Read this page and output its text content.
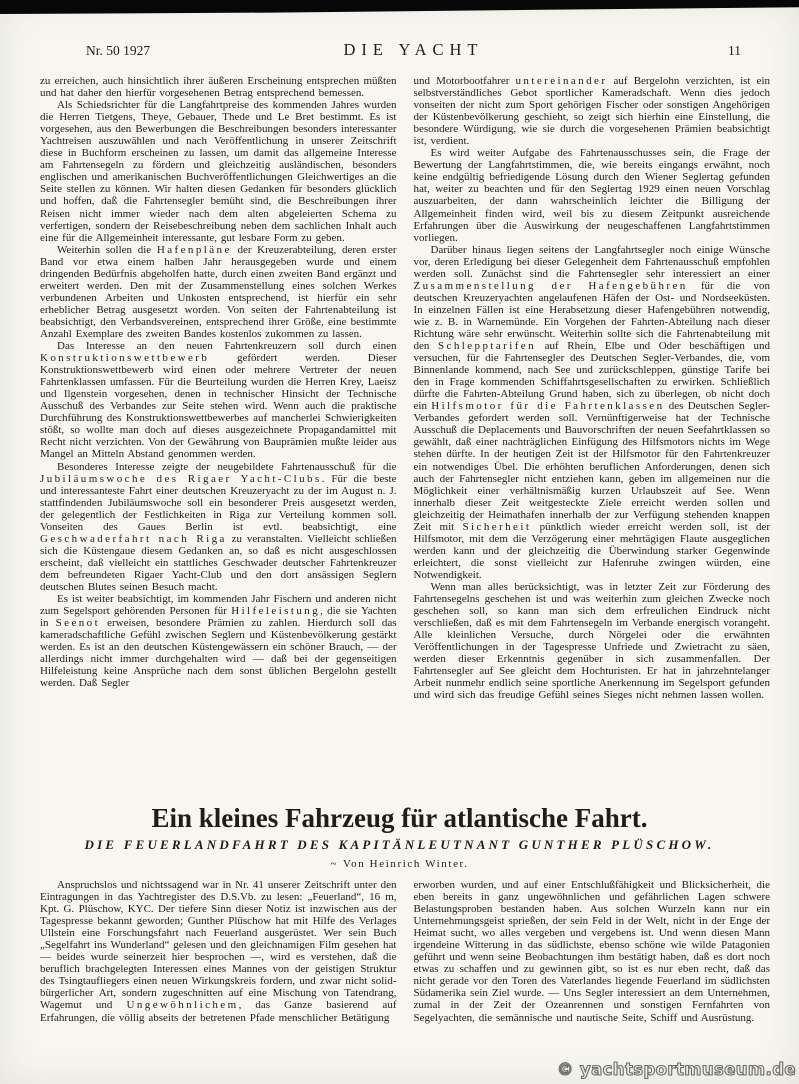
Nr. 50 1927	DIE YACHT	11

zu erreichen, auch hinsichtlich ihrer äußeren Erscheinung entsprechen müßten und hat daher den hierfür vorgesehenen Betrag entsprechend bemessen.

Als Schiedsrichter für die Langfahrtpreise des kommenden Jahres wurden die Herren Tietgens, Theye, Gebauer, Thede und Le Bret bestimmt. Es ist vorgesehen, aus den Bewerbungen die Beschreibungen besonders interessanter Yachtreisen auszuwählen und nach Veröffentlichung in unserer Zeitschrift diese in Buchform erscheinen zu lassen, um damit das allgemeine Interesse am Fahrtensegeln zu fördern und gleichzeitig ausländischen, besonders englischen und amerikanischen Buchveröffentlichungen Gleichwertiges an die Seite stellen zu können. Wir halten diesen Gedanken für besonders glücklich und hoffen, daß die Fahrtensegler bemüht sind, die Beschreibungen ihrer Reisen nicht immer wieder nach dem alten abgeleierten Schema zu verfertigen, sondern der Reisebeschreibung neben dem sachlichen Inhalt auch eine für die Allgemeinheit interessante, gut lesbare Form zu geben.

Weiterhin sollen die Hafenpläne der Kreuzerabteilung, deren erster Band vor etwa einem halben Jahr herausgegeben wurde und einem dringenden Bedürfnis abgeholfen hatte, durch einen zweiten Band ergänzt und erweitert werden. Den mit der Zusammenstellung eines solchen Werkes verbundenen Arbeiten und Unkosten entsprechend, ist hierfür ein sehr erheblicher Betrag ausgesetzt worden. Von seiten der Fahrtenabteilung ist beabsichtigt, den Verbandsvereinen, entsprechend ihrer Größe, eine bestimmte Anzahl Exemplare des zweiten Bandes kostenlos zukommen zu lassen.

Das Interesse an den neuen Fahrtenkreuzern soll durch einen Konstruktionswettbewerb gefördert werden. Dieser Konstruktionswettbewerb wird einen oder mehrere Vertreter der neuen Fahrtenklassen umfassen. Für die Beurteilung wurden die Herren Krey, Laeisz und Ilgenstein vorgesehen, denen in technischer Hinsicht der Technische Ausschuß des Verbandes zur Seite stehen wird. Wenn auch die praktische Durchführung des Konstruktionswettbewerbes auf mancherlei Schwierigkeiten stößt, so wollte man doch auf dieses ausgezeichnete Propagandamittel mit Recht nicht verzichten. Von der Gewährung von Bauprämien mußte leider aus Mangel an Mitteln Abstand genommen werden.

Besonderes Interesse zeigte der neugebildete Fahrtenausschuß für die Jubiläumswoche des Rigaer Yacht-Clubs. Für die beste und interessanteste Fahrt einer deutschen Kreuzeryacht zu der im August n. J. stattfindenden Jubiläumswoche soll ein besonderer Preis ausgesetzt werden, der gelegentlich der Festlichkeiten in Riga zur Verteilung kommen soll. Vonseiten des Gaues Berlin ist evtl. beabsichtigt, eine Geschwaderfahrt nach Riga zu veranstalten. Vielleicht schließen sich die Küstengaue diesem Gedanken an, so daß es nicht ausgeschlossen erscheint, daß vielleicht ein stattliches Geschwader deutscher Fahrtenkreuzer dem befreundeten Rigaer Yacht-Club und den dort ansässigen Seglern deutschen Blutes seinen Besuch macht.

Es ist weiter beabsichtigt, im kommenden Jahr Fischern und anderen nicht zum Segelsport gehörenden Personen für Hilfeleistung, die sie Yachten in Seenot erweisen, besondere Prämien zu zahlen. Hierdurch soll das kameradschaftliche Gefühl zwischen Seglern und Küstenbevölkerung gestärkt werden. Es ist an den deutschen Küstengewässern ein schöner Brauch, — der allerdings nicht immer durchgehalten wird — daß bei der gegenseitigen Hilfeleistung keine Ansprüche nach dem sonst üblichen Bergelohn gestellt werden. Daß Segler

und Motorbootfahrer untereinander auf Bergelohn verzichten, ist ein selbstverständliches Gebot sportlicher Kameradschaft. Wenn dies jedoch vonseiten der nicht zum Sport gehörigen Fischer oder sonstigen Angehörigen der Küstenbevölkerung geschieht, so zeigt sich hierhin eine Einstellung, die besondere Würdigung, wie sie durch die vorgesehenen Prämien beabsichtigt ist, verdient.

Es wird weiter Aufgabe des Fahrtenausschusses sein, die Frage der Bewertung der Langfahrtstimmen, die, wie bereits eingangs erwähnt, noch keine endgültig befriedigende Lösung durch den Wiener Seglertag gefunden hat, weiter zu beachten und für den Seglertag 1929 einen neuen Vorschlag auszuarbeiten, der dann wahrscheinlich leichter die Billigung der Allgemeinheit finden wird, weil bis zu diesem Zeitpunkt ausreichende Erfahrungen über die Auswirkung der neugeschaffenen Langfahrtstimmen vorliegen.

Darüber hinaus liegen seitens der Langfahrtsegler noch einige Wünsche vor, deren Erledigung bei dieser Gelegenheit dem Fahrtenausschuß empfohlen werden soll. Zunächst sind die Fahrtensegler sehr interessiert an einer Zusammenstellung der Hafengebühren für die von deutschen Kreuzeryachten angelaufenen Häfen der Ost- und Nordseeküsten. In einzelnen Fällen ist eine Herabsetzung dieser Hafengebühren notwendig, wie z. B. in Warnemünde. Ein Vorgehen der Fahrten-Abteilung nach dieser Richtung wäre sehr erwünscht. Weiterhin sollte sich die Fahrtenabteilung mit den Schlepptarifen auf Rhein, Elbe und Oder beschäftigen und versuchen, für die Fahrtensegler des Deutschen Segler-Verbandes, die, vom Binnenlande kommend, nach See und zurückschleppen, günstige Tarife bei den in Frage kommenden Schiffahrtsgesellschaften zu erwirken. Schließlich dürfte die Fahrten-Abteilung Grund haben, sich zu überlegen, ob nicht doch ein Hilfsmotor für die Fahrtenklassen des Deutschen Segler-Verbandes gefordert werden soll. Vernünftigerweise hat der Technische Ausschuß die Deplacements und Bauvorschriften der neuen Seefahrtklassen so gewählt, daß einer nachträglichen Einfügung des Hilfsmotors nichts im Wege stehen dürfte. In der heutigen Zeit ist der Hilfsmotor für den Fahrtenkreuzer ein notwendiges Übel. Die erhöhten beruflichen Anforderungen, denen sich auch der Fahrtensegler nicht entziehen kann, geben im allgemeinen nur die Möglichkeit einer verhältnismäßig kurzen Urlaubszeit auf See. Wenn innerhalb dieser Zeit weitgesteckte Ziele erreicht werden sollen und gleichzeitig der Heimathafen innerhalb der zur Verfügung stehenden knappen Zeit mit Sicherheit pünktlich wieder erreicht werden soll, ist der Hilfsmotor, mit dem die Verzögerung einer mehrtägigen Flaute ausgeglichen werden kann und der gleichzeitig die Überwindung starker Gegenwinde erleichtert, die sonst vielleicht zur Hafenruhe zwingen würden, eine Notwendigkeit.

Wenn man alles berücksichtigt, was in letzter Zeit zur Förderung des Fahrtensegelns geschehen ist und was weiterhin zum gleichen Zwecke noch geschehen soll, so kann man sich dem erfreulichen Eindruck nicht verschließen, daß es mit dem Fahrtensegeln im Verbande energisch vorangeht. Alle kleinlichen Versuche, durch Nörgelei oder die erwähnten Veröffentlichungen in der Tagespresse Unfriede und Zwietracht zu säen, werden dieser Erkenntnis gegenüber in sich zusammenfallen. Der Fahrtensegler auf See gleicht dem Hochturisten. Er hat in jahrzehntelanger Arbeit nunmehr endlich seine sportliche Anerkennung im Segelsport gefunden und wird sich das freudige Gefühl seines Sieges nicht nehmen lassen wollen.

Ein kleines Fahrzeug für atlantische Fahrt.
DIE FEUERLANDFAHRT DES KAPITÄNLEUTNANT GUNTHER PLÜSCHOW.
~ Von Heinrich Winter.

Anspruchslos und nichtssagend war in Nr. 41 unserer Zeitschrift unter den Eintragungen in das Yachtregister des D.S.Vb. zu lesen: „Feuerland“, 16 m, Kpt. G. Plüschow, KYC. Der tiefere Sinn dieser Notiz ist inzwischen aus der Tagespresse bekannt geworden; Gunther Plüschow hat mit Hilfe des Verlages Ullstein eine Forschungsfahrt nach Feuerland ausgerüstet. Wer sein Buch „Segelfahrt ins Wunderland“ gelesen und den gleichnamigen Film gesehen hat — beides wurde seinerzeit hier besprochen —, wird es verstehen, daß die beruflich brachgelegten Interessen eines Mannes von der geistigen Struktur des Tsingtaufliegers einen neuen Wirkungskreis fordern, und zwar nicht solid-bürgerlicher Art, sondern zugeschnitten auf eine Mischung von Tatendrang, Wagemut und Ungewöhnlichem, das Ganze basierend auf Erfahrungen, die völlig abseits der betretenen Pfade menschlicher Betätigung

erworben wurden, und auf einer Entschlußfähigkeit und Blicksicherheit, die eben bereits in ganz ungewöhnlichen und gefährlichen Lagen schwere Belastungsproben bestanden haben. Aus solchen Wurzeln kann nur ein Unternehmungsgeist sprießen, der sein Feld in der Welt, nicht in der Enge der Heimat sucht, wo alles vergeben und vergebens ist. Und wenn diesen Mann irgendeine Witterung in das südlichste, ebenso schöne wie wilde Patagonien geführt und wenn seine Beobachtungen ihm bestätigt haben, daß es dort noch etwas zu schaffen und zu gewinnen gibt, so ist es nur eben recht, daß das nicht gerade vor den Toren des Vaterlandes liegende Feuerland im südlichsten Südamerika sein Ziel wurde. — Uns Segler interessiert an dem Unternehmen, zumal in der Zeit der Ozeanrennen und sonstigen Fernfahrten von Segelyachten, die semännische und nautische Seite, Schiff und Ausrüstung.

© yachtsportmuseum.de
